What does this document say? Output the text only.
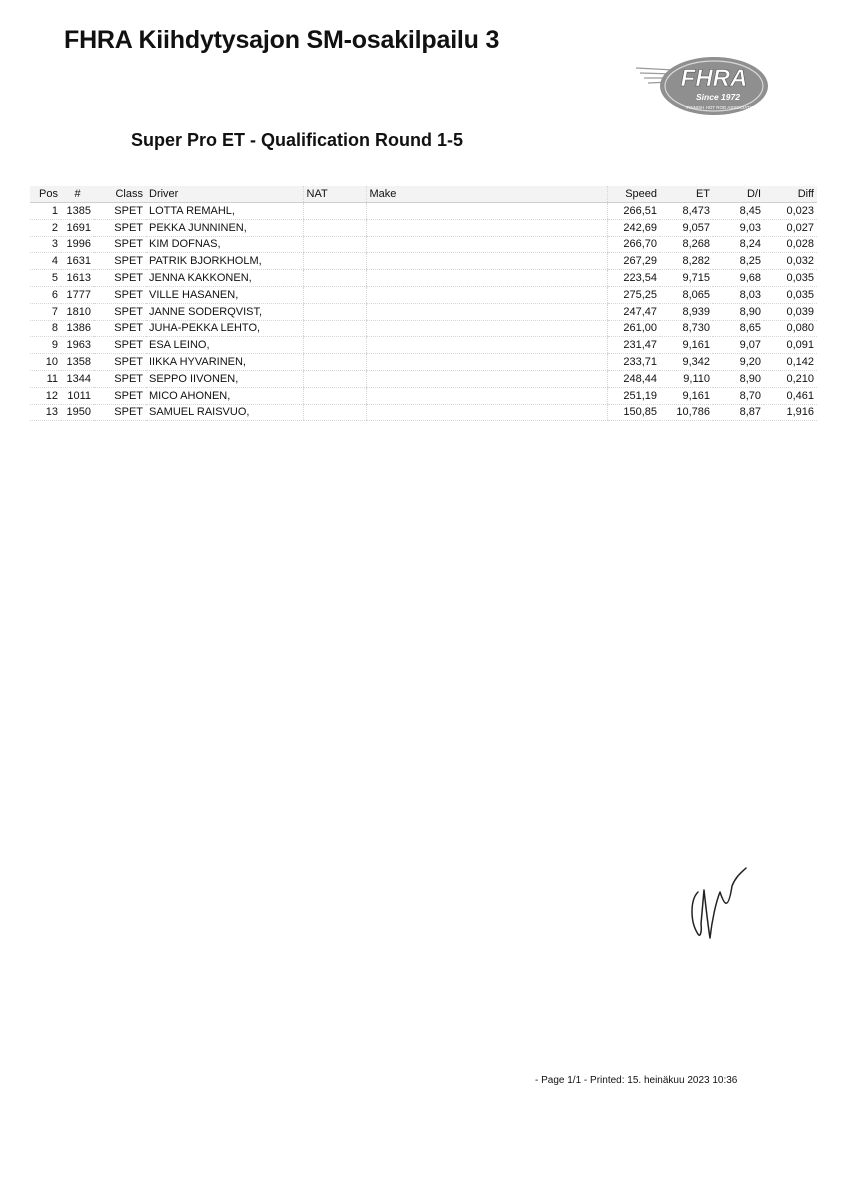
FHRA Kiihdytysajon SM-osakilpailu 3
FHRA
Since 1972
FINNISH HOT ROD ASSOCIATION
Super Pro ET - Qualification Round 1-5
Pos	#	Class	Driver	NAT	Make	Speed	ET	D/I	Diff
1	1385	SPET	LOTTA REMAHL,			266,51	8,473	8,45	0,023
2	1691	SPET	PEKKA JUNNINEN,			242,69	9,057	9,03	0,027
3	1996	SPET	KIM DOFNAS,			266,70	8,268	8,24	0,028
4	1631	SPET	PATRIK BJORKHOLM,			267,29	8,282	8,25	0,032
5	1613	SPET	JENNA KAKKONEN,			223,54	9,715	9,68	0,035
6	1777	SPET	VILLE HASANEN,			275,25	8,065	8,03	0,035
7	1810	SPET	JANNE SODERQVIST,			247,47	8,939	8,90	0,039
8	1386	SPET	JUHA-PEKKA LEHTO,			261,00	8,730	8,65	0,080
9	1963	SPET	ESA LEINO,			231,47	9,161	9,07	0,091
10	1358	SPET	IIKKA HYVARINEN,			233,71	9,342	9,20	0,142
11	1344	SPET	SEPPO IIVONEN,			248,44	9,110	8,90	0,210
12	1011	SPET	MICO AHONEN,			251,19	9,161	8,70	0,461
13	1950	SPET	SAMUEL RAISVUO,			150,85	10,786	8,87	1,916
- Page 1/1 - Printed: 15. heinäkuu 2023 10:36
